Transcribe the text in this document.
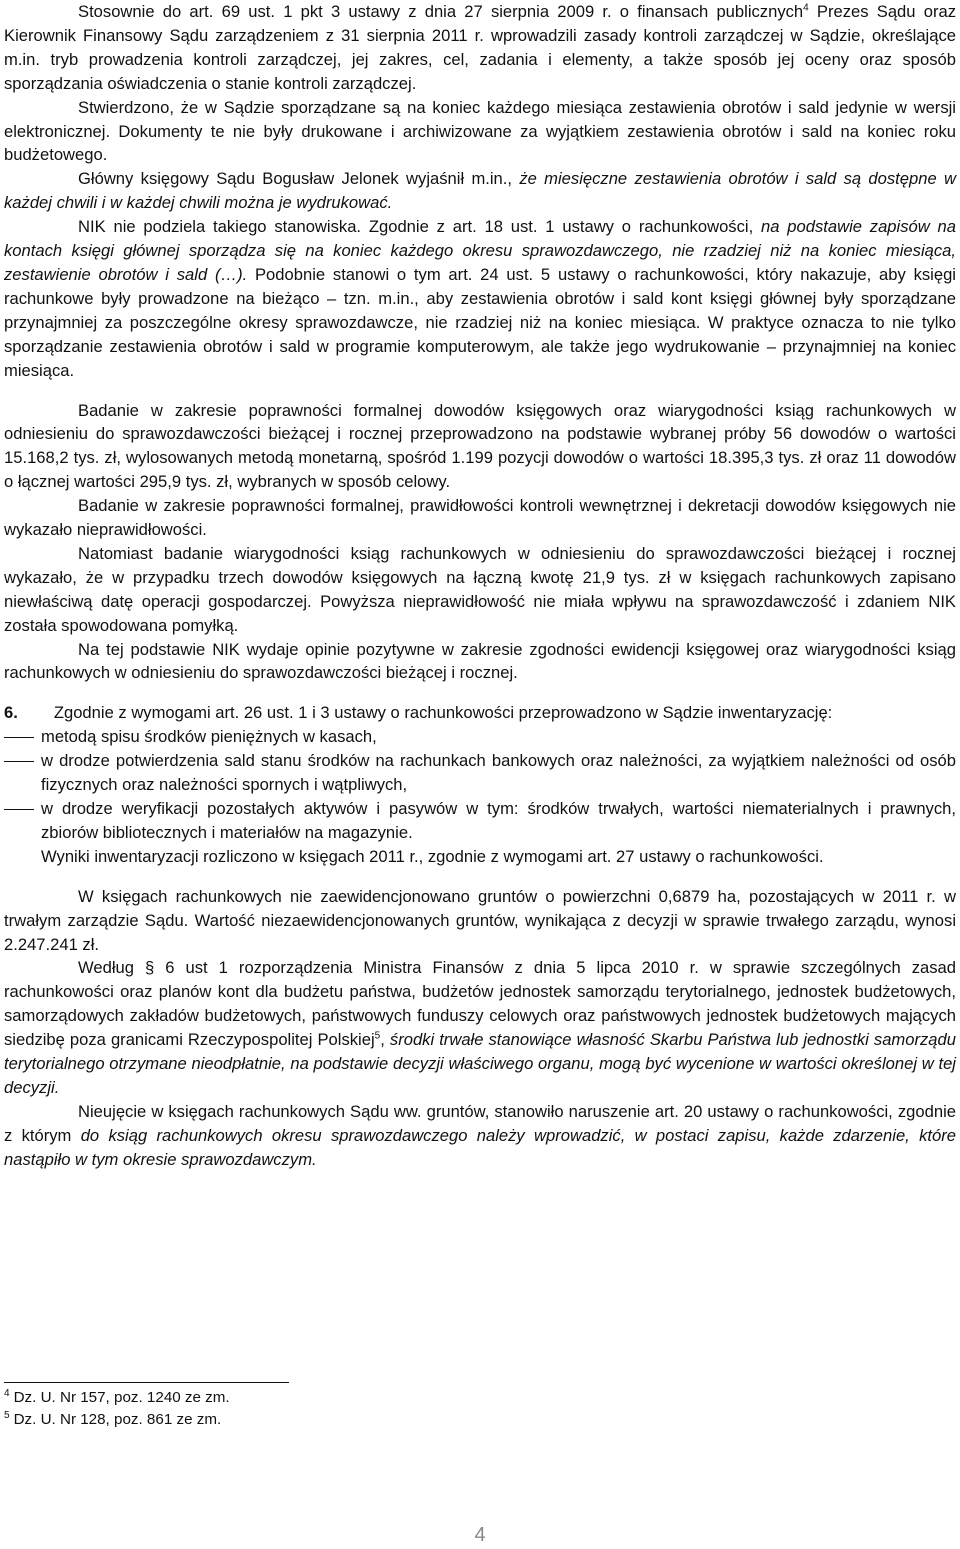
Stosownie do art. 69 ust. 1 pkt 3 ustawy z dnia 27 sierpnia 2009 r. o finansach publicznych$^4$ Prezes Sądu oraz Kierownik Finansowy Sądu zarządzeniem z 31 sierpnia 2011 r. wprowadzili zasady kontroli zarządczej w Sądzie, określające m.in. tryb prowadzenia kontroli zarządczej, jej zakres, cel, zadania i elementy, a także sposób jej oceny oraz sposób sporządzania oświadczenia o stanie kontroli zarządczej.

Stwierdzono, że w Sądzie sporządzane są na koniec każdego miesiąca zestawienia obrotów i sald jedynie w wersji elektronicznej. Dokumenty te nie były drukowane i archiwizowane za wyjątkiem zestawienia obrotów i sald na koniec roku budżetowego.

Główny księgowy Sądu Bogusław Jelonek wyjaśnił m.in., że miesięczne zestawienia obrotów i sald są dostępne w każdej chwili i w każdej chwili można je wydrukować.

NIK nie podziela takiego stanowiska. Zgodnie z art. 18 ust. 1 ustawy o rachunkowości, na podstawie zapisów na kontach księgi głównej sporządza się na koniec każdego okresu sprawozdawczego, nie rzadziej niż na koniec miesiąca, zestawienie obrotów i sald (…). Podobnie stanowi o tym art. 24 ust. 5 ustawy o rachunkowości, który nakazuje, aby księgi rachunkowe były prowadzone na bieżąco – tzn. m.in., aby zestawienia obrotów i sald kont księgi głównej były sporządzane przynajmniej za poszczególne okresy sprawozdawcze, nie rzadziej niż na koniec miesiąca. W praktyce oznacza to nie tylko sporządzanie zestawienia obrotów i sald w programie komputerowym, ale także jego wydrukowanie – przynajmniej na koniec miesiąca.

Badanie w zakresie poprawności formalnej dowodów księgowych oraz wiarygodności ksiąg rachunkowych w odniesieniu do sprawozdawczości bieżącej i rocznej przeprowadzono na podstawie wybranej próby 56 dowodów o wartości 15.168,2 tys. zł, wylosowanych metodą monetarną, spośród 1.199 pozycji dowodów o wartości 18.395,3 tys. zł oraz 11 dowodów o łącznej wartości 295,9 tys. zł, wybranych w sposób celowy.

Badanie w zakresie poprawności formalnej, prawidłowości kontroli wewnętrznej i dekretacji dowodów księgowych nie wykazało nieprawidłowości.

Natomiast badanie wiarygodności ksiąg rachunkowych w odniesieniu do sprawozdawczości bieżącej i rocznej wykazało, że w przypadku trzech dowodów księgowych na łączną kwotę 21,9 tys. zł w księgach rachunkowych zapisano niewłaściwą datę operacji gospodarczej. Powyższa nieprawidłowość nie miała wpływu na sprawozdawczość i zdaniem NIK została spowodowana pomyłką.

Na tej podstawie NIK wydaje opinie pozytywne w zakresie zgodności ewidencji księgowej oraz wiarygodności ksiąg rachunkowych w odniesieniu do sprawozdawczości bieżącej i rocznej.

6. Zgodnie z wymogami art. 26 ust. 1 i 3 ustawy o rachunkowości przeprowadzono w Sądzie inwentaryzację:

metodą spisu środków pieniężnych w kasach,
w drodze potwierdzenia sald stanu środków na rachunkach bankowych oraz należności, za wyjątkiem należności od osób fizycznych oraz należności spornych i wątpliwych,
w drodze weryfikacji pozostałych aktywów i pasywów w tym: środków trwałych, wartości niematerialnych i prawnych, zbiorów bibliotecznych i materiałów na magazynie.

Wyniki inwentaryzacji rozliczono w księgach 2011 r., zgodnie z wymogami art. 27 ustawy o rachunkowości.

W księgach rachunkowych nie zaewidencjonowano gruntów o powierzchni 0,6879 ha, pozostających w 2011 r. w trwałym zarządzie Sądu. Wartość niezaewidencjonowanych gruntów, wynikająca z decyzji w sprawie trwałego zarządu, wynosi 2.247.241 zł.

Według § 6 ust 1 rozporządzenia Ministra Finansów z dnia 5 lipca 2010 r. w sprawie szczególnych zasad rachunkowości oraz planów kont dla budżetu państwa, budżetów jednostek samorządu terytorialnego, jednostek budżetowych, samorządowych zakładów budżetowych, państwowych funduszy celowych oraz państwowych jednostek budżetowych mających siedzibę poza granicami Rzeczypospolitej Polskiej$^5$, środki trwałe stanowiące własność Skarbu Państwa lub jednostki samorządu terytorialnego otrzymane nieodpłatnie, na podstawie decyzji właściwego organu, mogą być wycenione w wartości określonej w tej decyzji.

Nieujęcie w księgach rachunkowych Sądu ww. gruntów, stanowiło naruszenie art. 20 ustawy o rachunkowości, zgodnie z którym do ksiąg rachunkowych okresu sprawozdawczego należy wprowadzić, w postaci zapisu, każde zdarzenie, które nastąpiło w tym okresie sprawozdawczym.

$^4$ Dz. U. Nr 157, poz. 1240 ze zm.

$^5$ Dz. U. Nr 128, poz. 861 ze zm.

4
